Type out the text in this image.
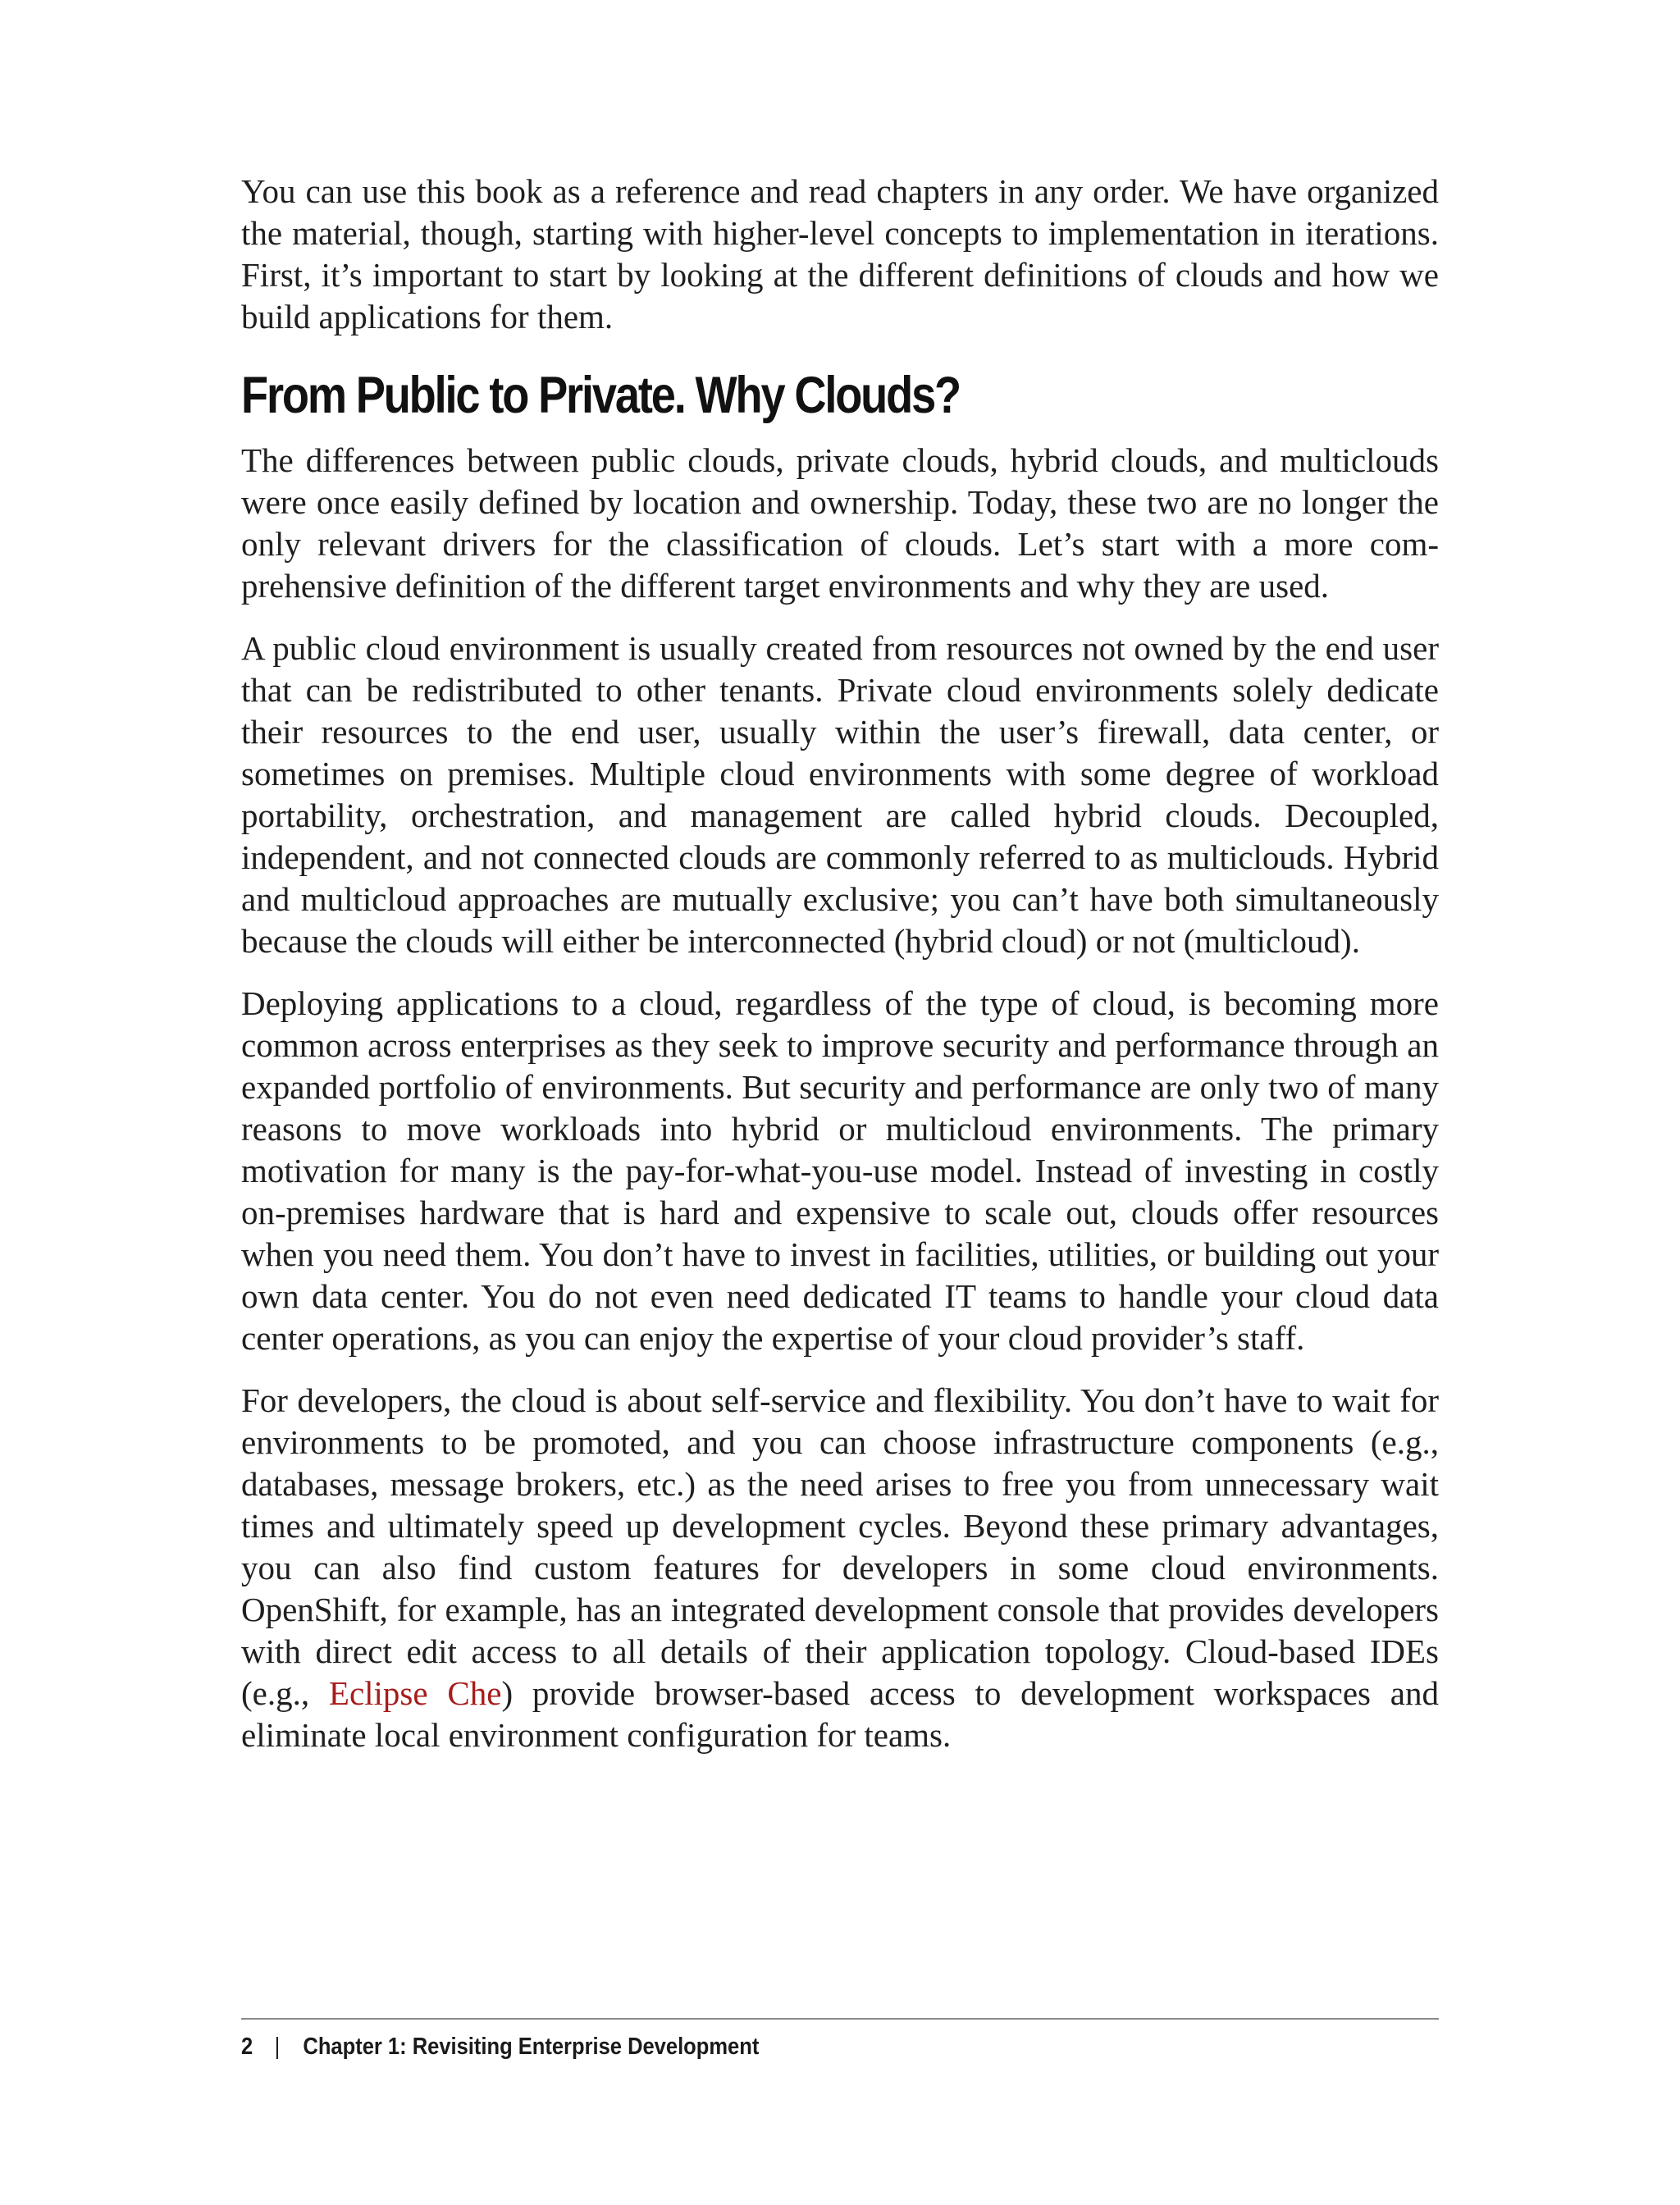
You can use this book as a reference and read chapters in any order. We have organized the material, though, starting with higher-level concepts to implementation in iterations. First, it’s important to start by looking at the different definitions of clouds and how we build applications for them.

From Public to Private. Why Clouds?

The differences between public clouds, private clouds, hybrid clouds, and multiclouds were once easily defined by location and ownership. Today, these two are no longer the only relevant drivers for the classification of clouds. Let’s start with a more comprehensive definition of the different target environments and why they are used.

A public cloud environment is usually created from resources not owned by the end user that can be redistributed to other tenants. Private cloud environments solely dedicate their resources to the end user, usually within the user’s firewall, data center, or sometimes on premises. Multiple cloud environments with some degree of workload portability, orchestration, and management are called hybrid clouds. Decoupled, independent, and not connected clouds are commonly referred to as multiclouds. Hybrid and multicloud approaches are mutually exclusive; you can’t have both simultaneously because the clouds will either be interconnected (hybrid cloud) or not (multicloud).

Deploying applications to a cloud, regardless of the type of cloud, is becoming more common across enterprises as they seek to improve security and performance through an expanded portfolio of environments. But security and performance are only two of many reasons to move workloads into hybrid or multicloud environments. The primary motivation for many is the pay-for-what-you-use model. Instead of investing in costly on-premises hardware that is hard and expensive to scale out, clouds offer resources when you need them. You don’t have to invest in facilities, utilities, or building out your own data center. You do not even need dedicated IT teams to handle your cloud data center operations, as you can enjoy the expertise of your cloud provider’s staff.

For developers, the cloud is about self-service and flexibility. You don’t have to wait for environments to be promoted, and you can choose infrastructure components (e.g., databases, message brokers, etc.) as the need arises to free you from unnecessary wait times and ultimately speed up development cycles. Beyond these primary advantages, you can also find custom features for developers in some cloud environments. OpenShift, for example, has an integrated development console that provides developers with direct edit access to all details of their application topology. Cloud-based IDEs (e.g., Eclipse Che) provide browser-based access to development workspaces and eliminate local environment configuration for teams.

2 | Chapter 1: Revisiting Enterprise Development
